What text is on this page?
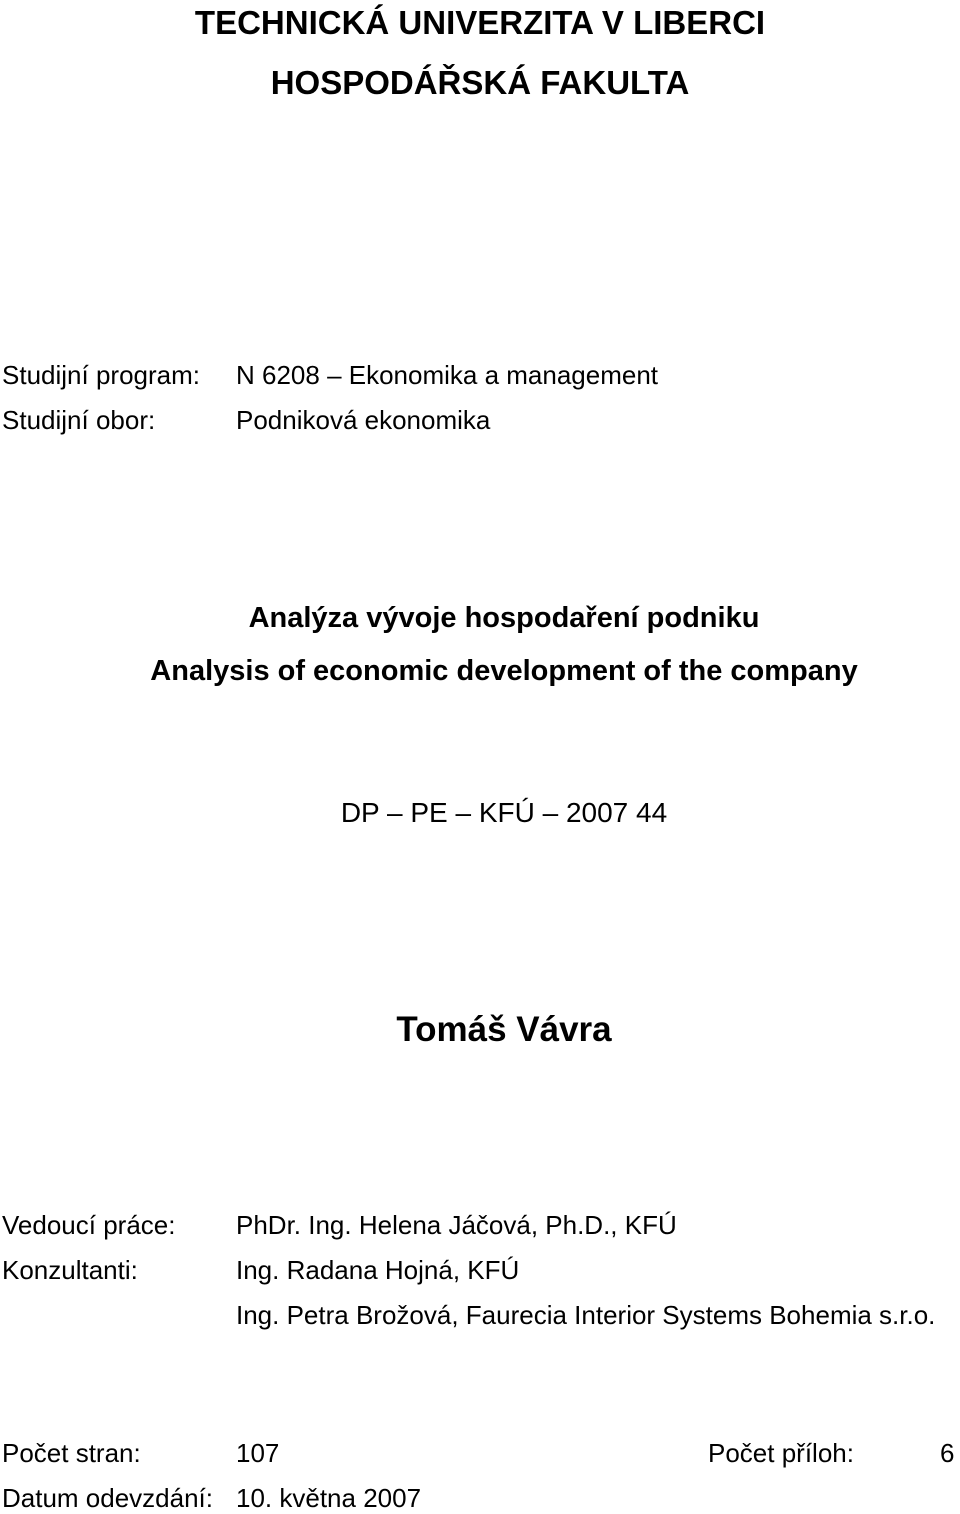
TECHNICKÁ UNIVERZITA V LIBERCI
HOSPODÁŘSKÁ FAKULTA
Studijní program: N 6208 – Ekonomika a management
Studijní obor:	Podniková ekonomika
Analýza vývoje hospodaření podniku
Analysis of economic development of the company
DP – PE – KFÚ – 2007 44
Tomáš Vávra
Vedoucí práce: PhDr. Ing. Helena Jáčová, Ph.D., KFÚ
Konzultanti:	Ing. Radana Hojná, KFÚ
Ing. Petra Brožová, Faurecia Interior Systems Bohemia s.r.o.
Počet stran:	107	Počet příloh:	6
Datum odevzdání: 10. května 2007
